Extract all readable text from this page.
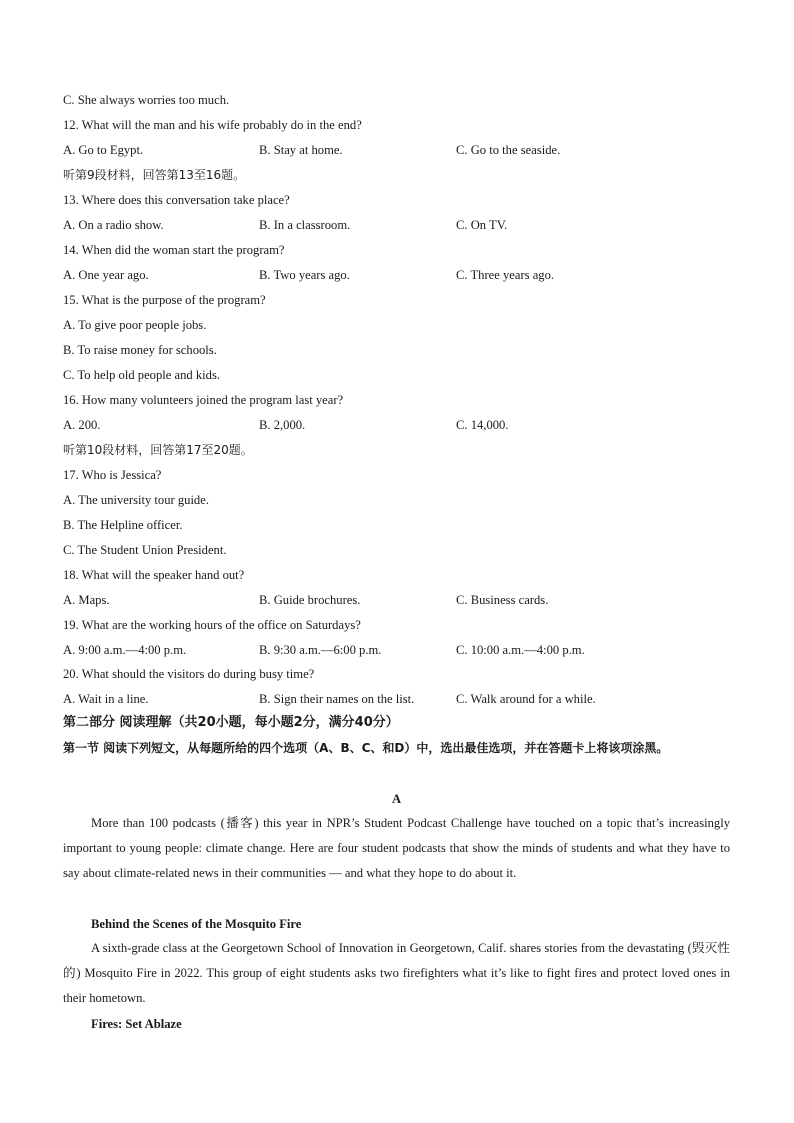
C. She always worries too much.
12. What will the man and his wife probably do in the end?
A. Go to Egypt.	B. Stay at home.	C. Go to the seaside.
听第9段材料，回答第13至16题。
13. Where does this conversation take place?
A. On a radio show.	B. In a classroom.	C. On TV.
14. When did the woman start the program?
A. One year ago.	B. Two years ago.	C. Three years ago.
15. What is the purpose of the program?
A. To give poor people jobs.
B. To raise money for schools.
C. To help old people and kids.
16. How many volunteers joined the program last year?
A. 200.	B. 2,000.	C. 14,000.
听第10段材料，回答第17至20题。
17. Who is Jessica?
A. The university tour guide.
B. The Helpline officer.
C. The Student Union President.
18. What will the speaker hand out?
A. Maps.	B. Guide brochures.	C. Business cards.
19. What are the working hours of the office on Saturdays?
A. 9:00 a.m.—4:00 p.m.	B. 9:30 a.m.—6:00 p.m.	C. 10:00 a.m.—4:00 p.m.
20. What should the visitors do during busy time?
A. Wait in a line.	B. Sign their names on the list.	C. Walk around for a while.
第二部分 阅读理解（共20小题，每小题2分，满分40分）
第一节 阅读下列短文，从每题所给的四个选项（A、B、C、和D）中，选出最佳选项，并在答题卡上将该项涂黑。
A
More than 100 podcasts (播客) this year in NPR’s Student Podcast Challenge have touched on a topic that’s increasingly important to young people: climate change. Here are four student podcasts that show the minds of students and what they have to say about climate-related news in their communities — and what they hope to do about it.
Behind the Scenes of the Mosquito Fire
A sixth-grade class at the Georgetown School of Innovation in Georgetown, Calif. shares stories from the devastating (毁灭性的) Mosquito Fire in 2022. This group of eight students asks two firefighters what it’s like to fight fires and protect loved ones in their hometown.
Fires: Set Ablaze
